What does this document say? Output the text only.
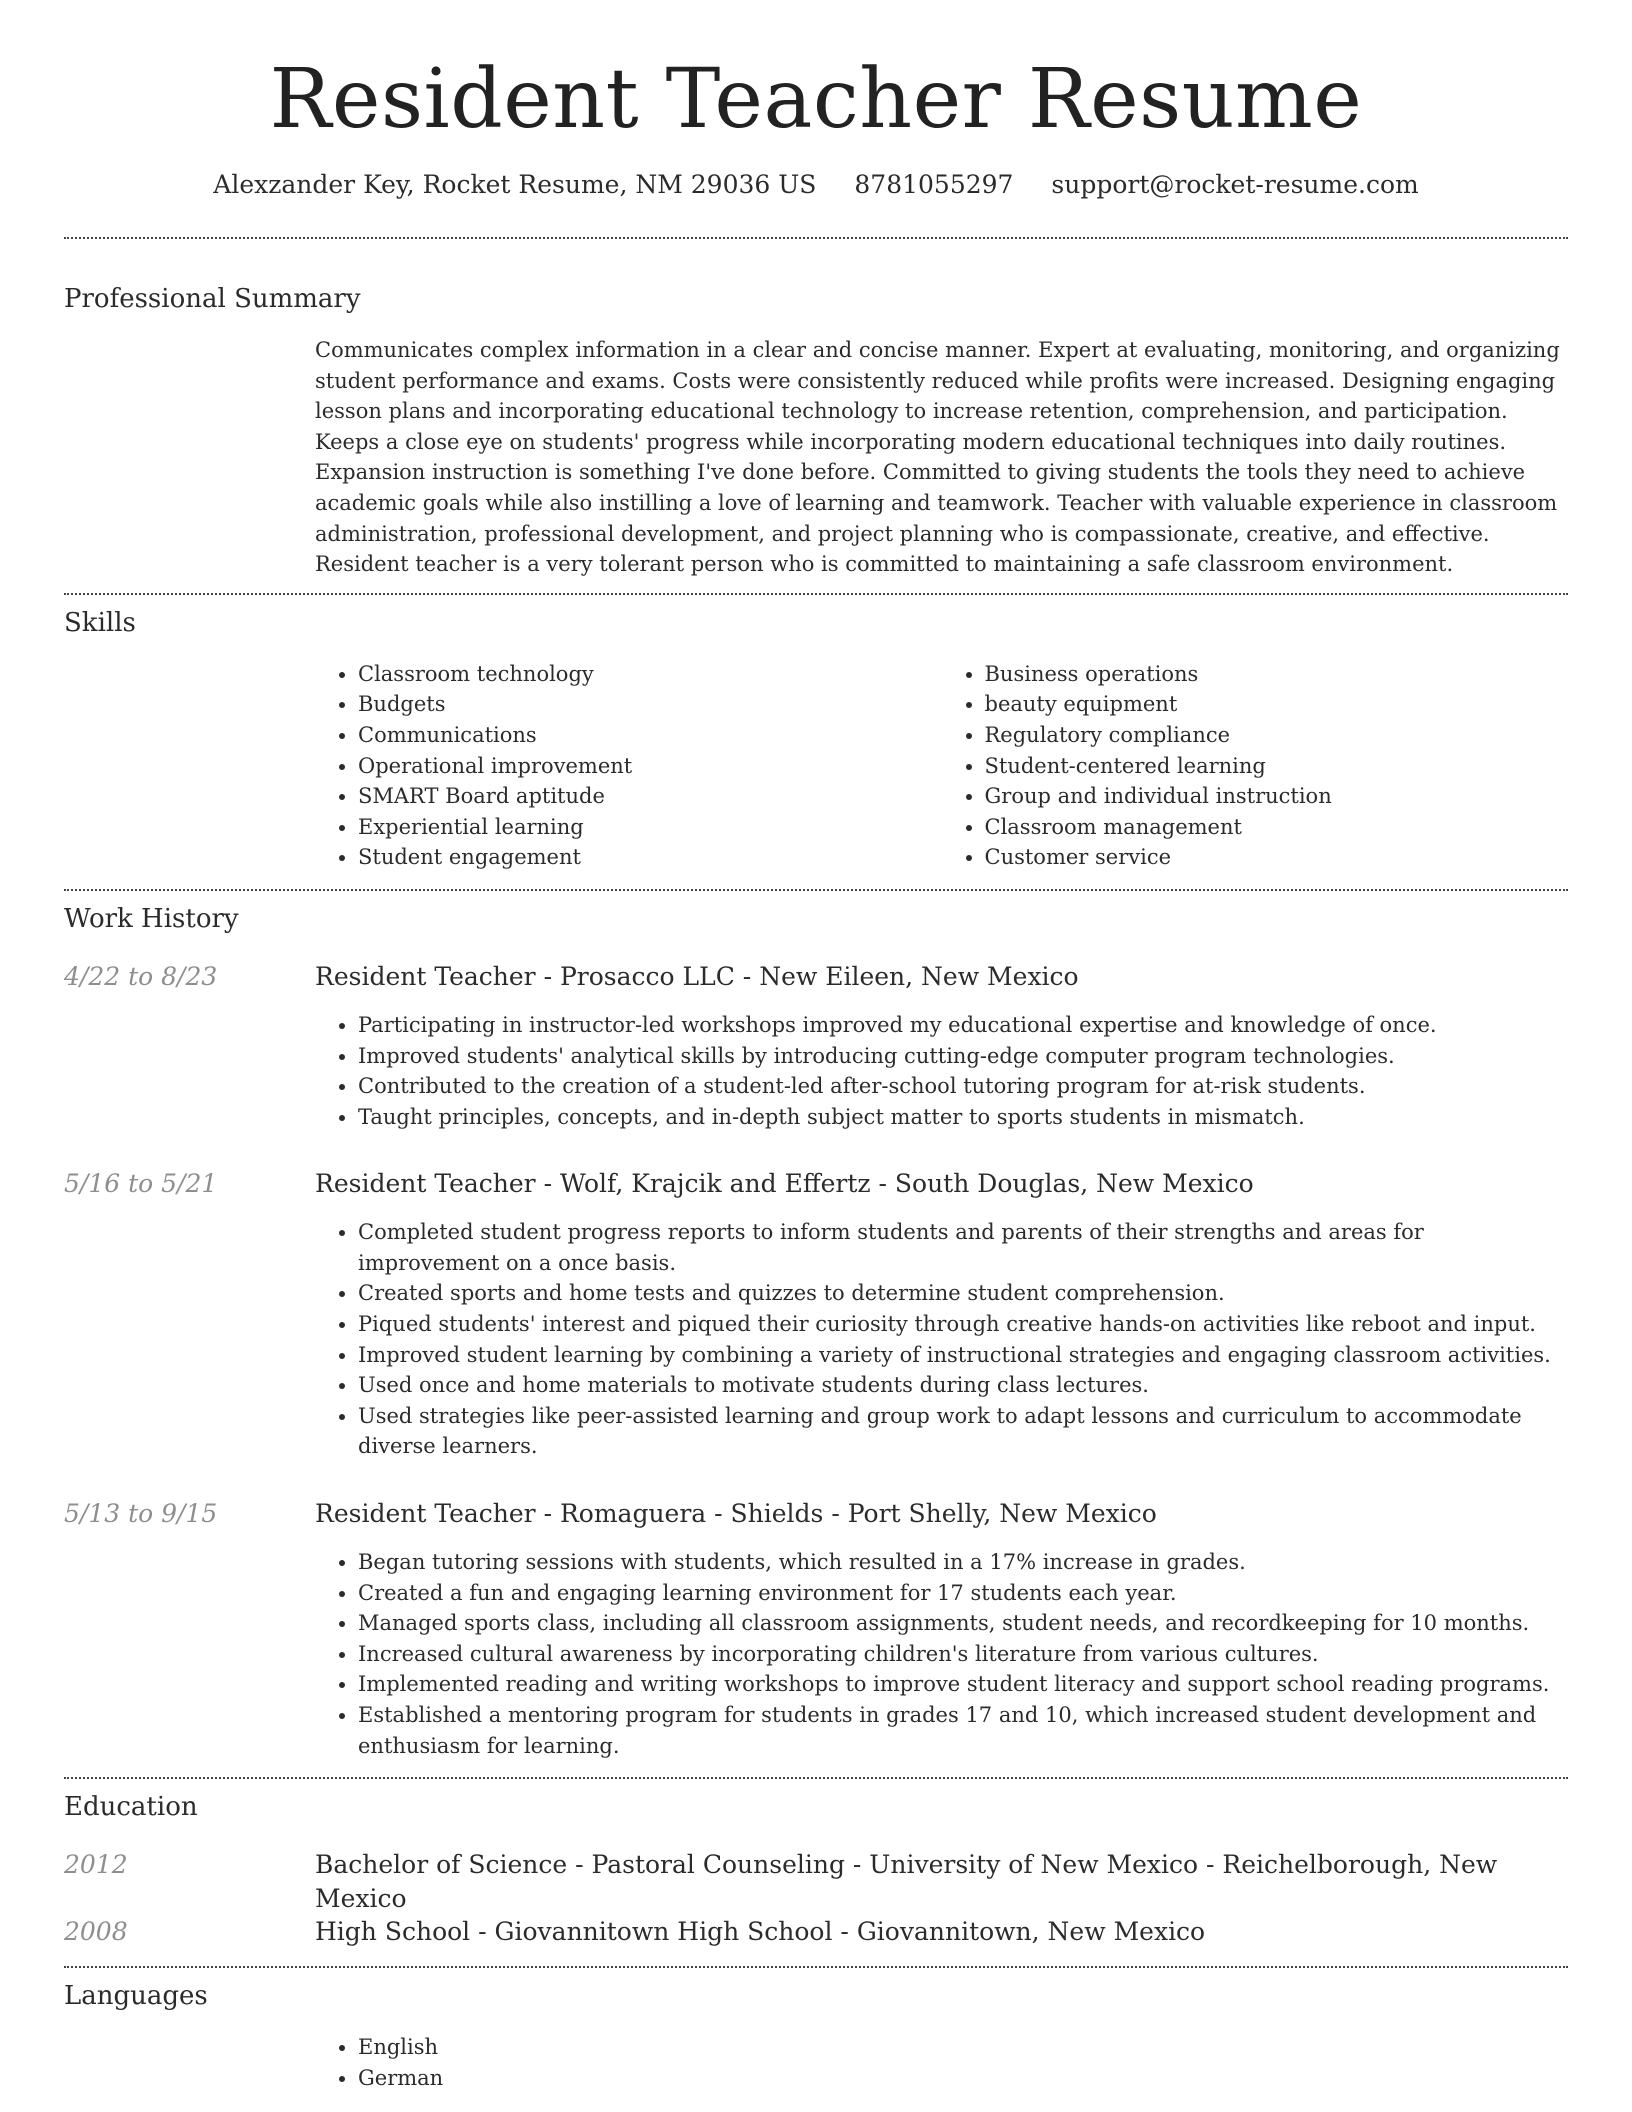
Resident Teacher Resume
Alexzander Key, Rocket Resume, NM 29036 US 8781055297 support@rocket-resume.com
Professional Summary
Communicates complex information in a clear and concise manner. Expert at evaluating, monitoring, and organizing student performance and exams. Costs were consistently reduced while profits were increased. Designing engaging lesson plans and incorporating educational technology to increase retention, comprehension, and participation. Keeps a close eye on students' progress while incorporating modern educational techniques into daily routines. Expansion instruction is something I've done before. Committed to giving students the tools they need to achieve academic goals while also instilling a love of learning and teamwork. Teacher with valuable experience in classroom administration, professional development, and project planning who is compassionate, creative, and effective. Resident teacher is a very tolerant person who is committed to maintaining a safe classroom environment.
Skills
• Classroom technology
• Budgets
• Communications
• Operational improvement
• SMART Board aptitude
• Experiential learning
• Student engagement
• Business operations
• beauty equipment
• Regulatory compliance
• Student-centered learning
• Group and individual instruction
• Classroom management
• Customer service
Work History
4/22 to 8/23	Resident Teacher - Prosacco LLC - New Eileen, New Mexico
• Participating in instructor-led workshops improved my educational expertise and knowledge of once.
• Improved students' analytical skills by introducing cutting-edge computer program technologies.
• Contributed to the creation of a student-led after-school tutoring program for at-risk students.
• Taught principles, concepts, and in-depth subject matter to sports students in mismatch.
5/16 to 5/21	Resident Teacher - Wolf, Krajcik and Effertz - South Douglas, New Mexico
• Completed student progress reports to inform students and parents of their strengths and areas for improvement on a once basis.
• Created sports and home tests and quizzes to determine student comprehension.
• Piqued students' interest and piqued their curiosity through creative hands-on activities like reboot and input.
• Improved student learning by combining a variety of instructional strategies and engaging classroom activities.
• Used once and home materials to motivate students during class lectures.
• Used strategies like peer-assisted learning and group work to adapt lessons and curriculum to accommodate diverse learners.
5/13 to 9/15	Resident Teacher - Romaguera - Shields - Port Shelly, New Mexico
• Began tutoring sessions with students, which resulted in a 17% increase in grades.
• Created a fun and engaging learning environment for 17 students each year.
• Managed sports class, including all classroom assignments, student needs, and recordkeeping for 10 months.
• Increased cultural awareness by incorporating children's literature from various cultures.
• Implemented reading and writing workshops to improve student literacy and support school reading programs.
• Established a mentoring program for students in grades 17 and 10, which increased student development and enthusiasm for learning.
Education
2012	Bachelor of Science - Pastoral Counseling - University of New Mexico - Reichelborough, New Mexico
2008	High School - Giovannitown High School - Giovannitown, New Mexico
Languages
• English
• German
